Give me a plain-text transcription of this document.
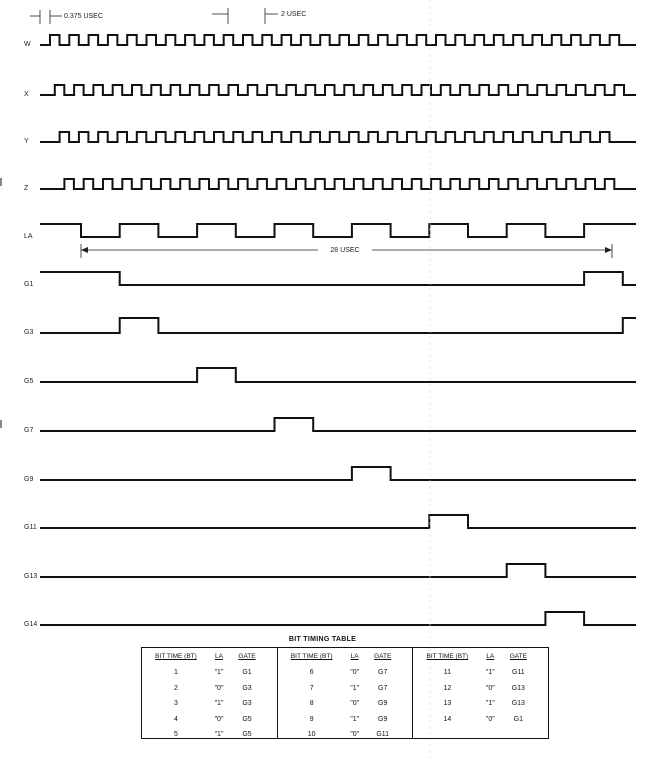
W
X
Y
Z
LA
G1
G3
G5
G7
G9
G11
G13
G14
0.375 USEC	2 USEC
28 USEC
BIT TIMING TABLE
BIT TIME (BT)	LA	GATE
1	"1"	G1
2	"0"	G3
3	"1"	G3
4	"0"	G5
5	"1"	G5
BIT TIME (BT)	LA	GATE
6	"0"	G7
7	"1"	G7
8	"0"	G9
9	"1"	G9
10	"0"	G11
BIT TIME (BT)	LA	GATE
11	"1"	G11
12	"0"	G13
13	"1"	G13
14	"0"	G1
